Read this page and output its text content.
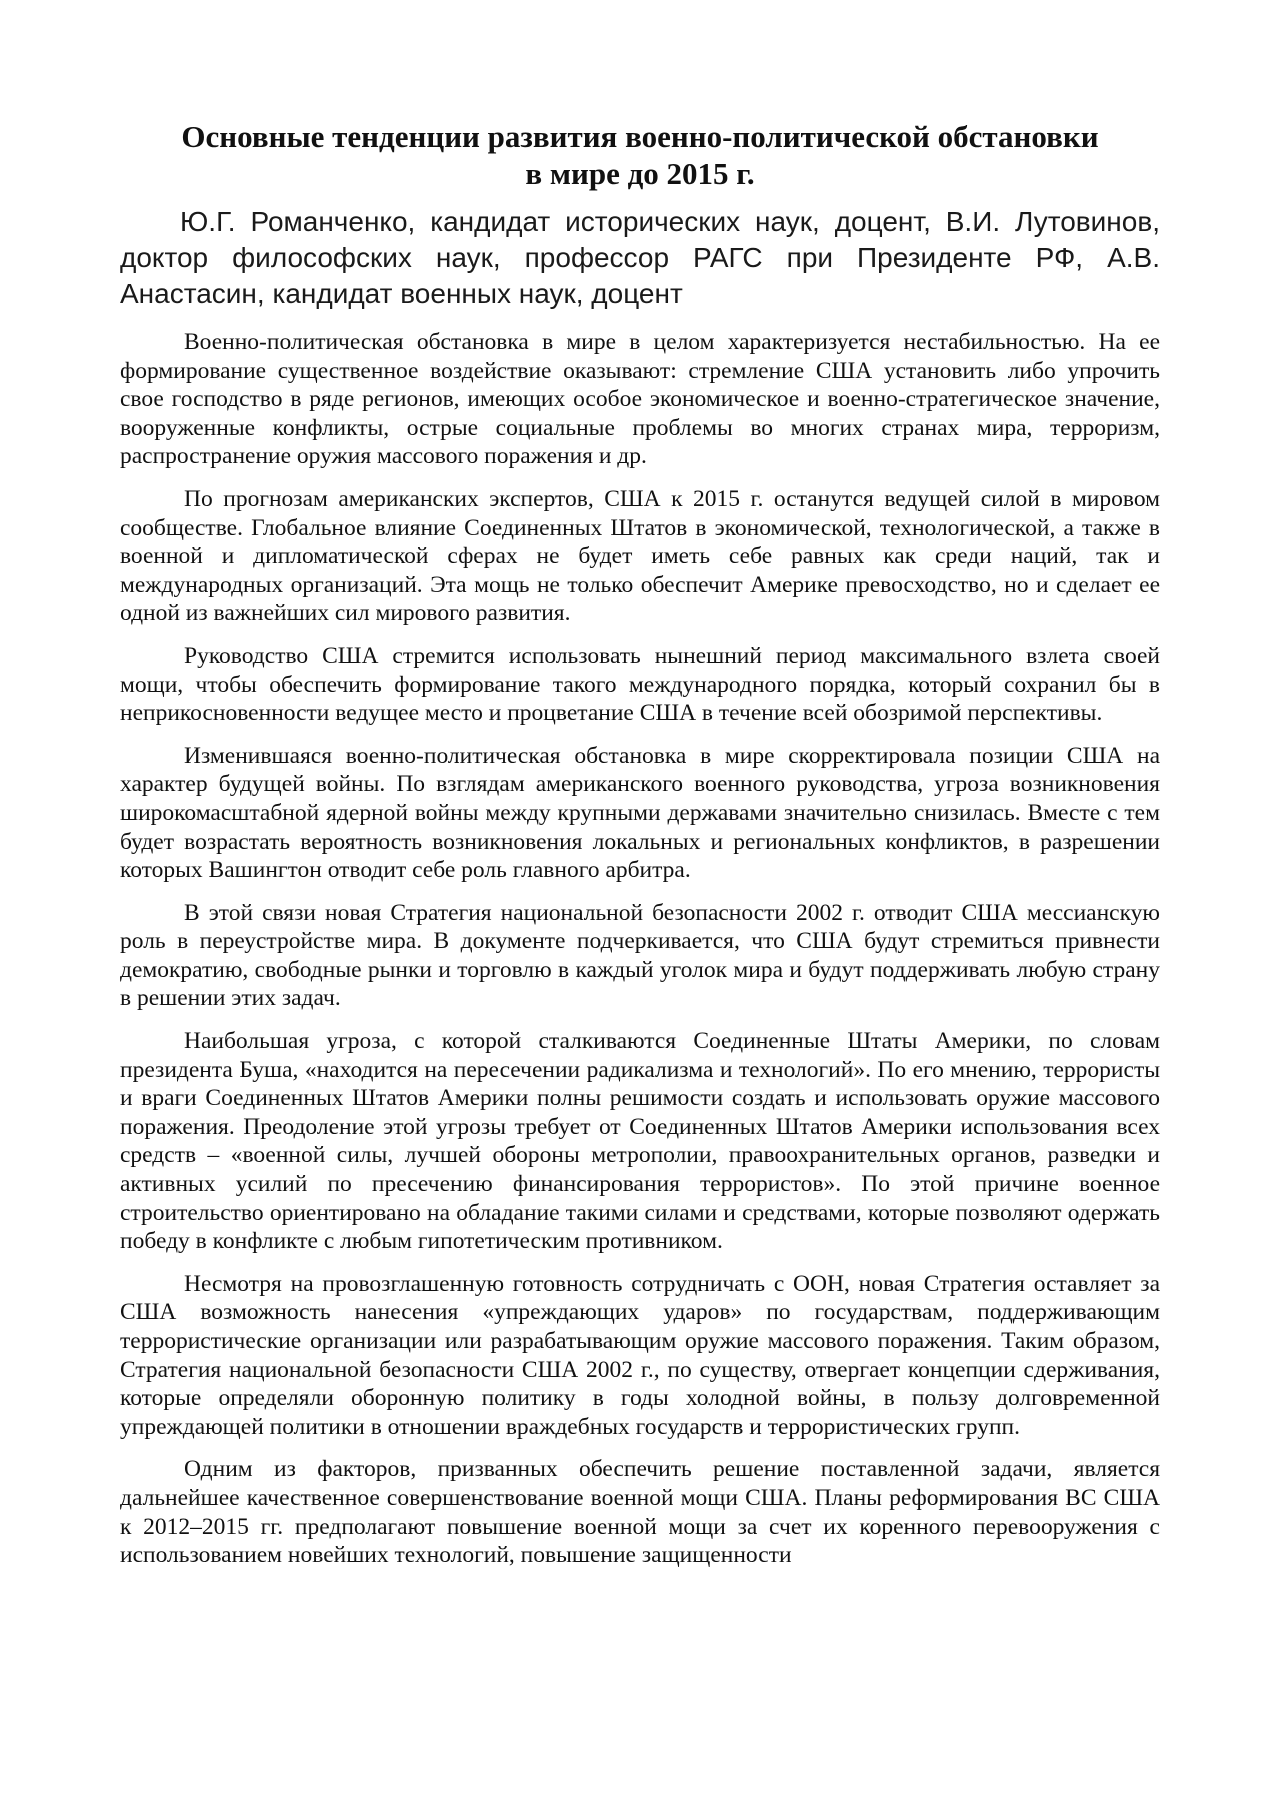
Основные тенденции развития военно-политической обстановки
в мире до 2015 г.

Ю.Г. Романченко, кандидат исторических наук, доцент, В.И. Лутовинов, доктор философских наук, профессор РАГС при Президенте РФ, А.В. Анастасин, кандидат военных наук, доцент

Военно-политическая обстановка в мире в целом характеризуется нестабильностью. На ее формирование существенное воздействие оказывают: стремление США установить либо упрочить свое господство в ряде регионов, имеющих особое экономическое и военно-стратегическое значение, вооруженные конфликты, острые социальные проблемы во многих странах мира, терроризм, распространение оружия массового поражения и др.

По прогнозам американских экспертов, США к 2015 г. останутся ведущей силой в мировом сообществе. Глобальное влияние Соединенных Штатов в экономической, технологической, а также в военной и дипломатической сферах не будет иметь себе равных как среди наций, так и международных организаций. Эта мощь не только обеспечит Америке превосходство, но и сделает ее одной из важнейших сил мирового развития.

Руководство США стремится использовать нынешний период максимального взлета своей мощи, чтобы обеспечить формирование такого международного порядка, который сохранил бы в неприкосновенности ведущее место и процветание США в течение всей обозримой перспективы.

Изменившаяся военно-политическая обстановка в мире скорректировала позиции США на характер будущей войны. По взглядам американского военного руководства, угроза возникновения широкомасштабной ядерной войны между крупными державами значительно снизилась. Вместе с тем будет возрастать вероятность возникновения локальных и региональных конфликтов, в разрешении которых Вашингтон отводит себе роль главного арбитра.

В этой связи новая Стратегия национальной безопасности 2002 г. отводит США мессианскую роль в переустройстве мира. В документе подчеркивается, что США будут стремиться привнести демократию, свободные рынки и торговлю в каждый уголок мира и будут поддерживать любую страну в решении этих задач.

Наибольшая угроза, с которой сталкиваются Соединенные Штаты Америки, по словам президента Буша, «находится на пересечении радикализма и технологий». По его мнению, террористы и враги Соединенных Штатов Америки полны решимости создать и использовать оружие массового поражения. Преодоление этой угрозы требует от Соединенных Штатов Америки использования всех средств – «военной силы, лучшей обороны метрополии, правоохранительных органов, разведки и активных усилий по пресечению финансирования террористов». По этой причине военное строительство ориентировано на обладание такими силами и средствами, которые позволяют одержать победу в конфликте с любым гипотетическим противником.

Несмотря на провозглашенную готовность сотрудничать с ООН, новая Стратегия оставляет за США возможность нанесения «упреждающих ударов» по государствам, поддерживающим террористические организации или разрабатывающим оружие массового поражения. Таким образом, Стратегия национальной безопасности США 2002 г., по существу, отвергает концепции сдерживания, которые определяли оборонную политику в годы холодной войны, в пользу долговременной упреждающей политики в отношении враждебных государств и террористических групп.

Одним из факторов, призванных обеспечить решение поставленной задачи, является дальнейшее качественное совершенствование военной мощи США. Планы реформирования ВС США к 2012–2015 гг. предполагают повышение военной мощи за счет их коренного перевооружения с использованием новейших технологий, повышение защищенности
